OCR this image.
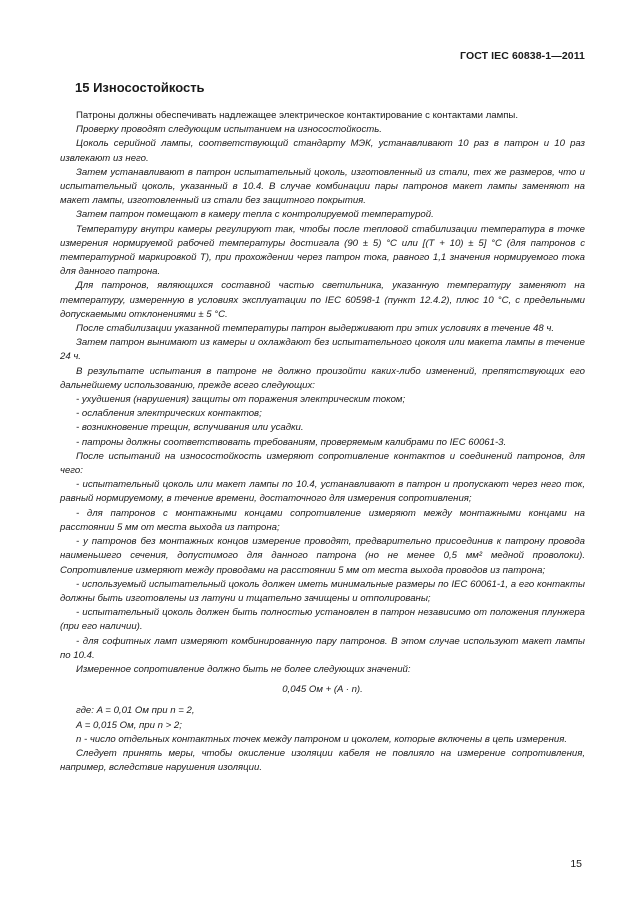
ГОСТ IEC 60838-1—2011
15 Износостойкость

Патроны должны обеспечивать надлежащее электрическое контактирование с контактами лампы.

Проверку проводят следующим испытанием на износостойкость.

Цоколь серийной лампы, соответствующий стандарту МЭК, устанавливают 10 раз в патрон и 10 раз извлекают из него.

Затем устанавливают в патрон испытательный цоколь, изготовленный из стали, тех же размеров, что и испытательный цоколь, указанный в 10.4. В случае комбинации пары патронов макет лампы заменяют на макет лампы, изготовленный из стали без защитного покрытия.

Затем патрон помещают в камеру тепла с контролируемой температурой.

Температуру внутри камеры регулируют так, чтобы после тепловой стабилизации температура в точке измерения нормируемой рабочей температуры достигала (90 ± 5) °С или [(T + 10) ± 5] °С (для патронов с температурной маркировкой T), при прохождении через патрон тока, равного 1,1 значения нормируемого тока для данного патрона.

Для патронов, являющихся составной частью светильника, указанную температуру заменяют на температуру, измеренную в условиях эксплуатации по IEC 60598-1 (пункт 12.4.2), плюс 10 °С, с предельными допускаемыми отклонениями ± 5 °С.

После стабилизации указанной температуры патрон выдерживают при этих условиях в течение 48 ч.

Затем патрон вынимают из камеры и охлаждают без испытательного цоколя или макета лампы в течение 24 ч.

В результате испытания в патроне не должно произойти каких-либо изменений, препятствующих его дальнейшему использованию, прежде всего следующих:

- ухудшения (нарушения) защиты от поражения электрическим током;

- ослабления электрических контактов;

- возникновение трещин, вспучивания или усадки.

- патроны должны соответствовать требованиям, проверяемым калибрами по IEC 60061-3.

После испытаний на износостойкость измеряют сопротивление контактов и соединений патронов, для чего:

- испытательный цоколь или макет лампы по 10.4, устанавливают в патрон и пропускают через него ток, равный нормируемому, в течение времени, достаточного для измерения сопротивления;

- для патронов с монтажными концами сопротивление измеряют между монтажными концами на расстоянии 5 мм от места выхода из патрона;

- у патронов без монтажных концов измерение проводят, предварительно присоединив к патрону провода наименьшего сечения, допустимого для данного патрона (но не менее 0,5 мм² медной проволоки). Сопротивление измеряют между проводами на расстоянии 5 мм от места выхода проводов из патрона;

- используемый испытательный цоколь должен иметь минимальные размеры по IEC 60061-1, а его контакты должны быть изготовлены из латуни и тщательно зачищены и отполированы;

- испытательный цоколь должен быть полностью установлен в патрон независимо от положения плунжера (при его наличии).

- для софитных ламп измеряют комбинированную пару патронов. В этом случае используют макет лампы по 10.4.

Измеренное сопротивление должно быть не более следующих значений:

0,045 Ом + (A · n).

где: A = 0,01 Ом при n = 2,

A = 0,015 Ом, при n > 2;

n - число отдельных контактных точек между патроном и цоколем, которые включены в цепь измерения.

Следует принять меры, чтобы окисление изоляции кабеля не повлияло на измерение сопротивления, например, вследствие нарушения изоляции.

15
